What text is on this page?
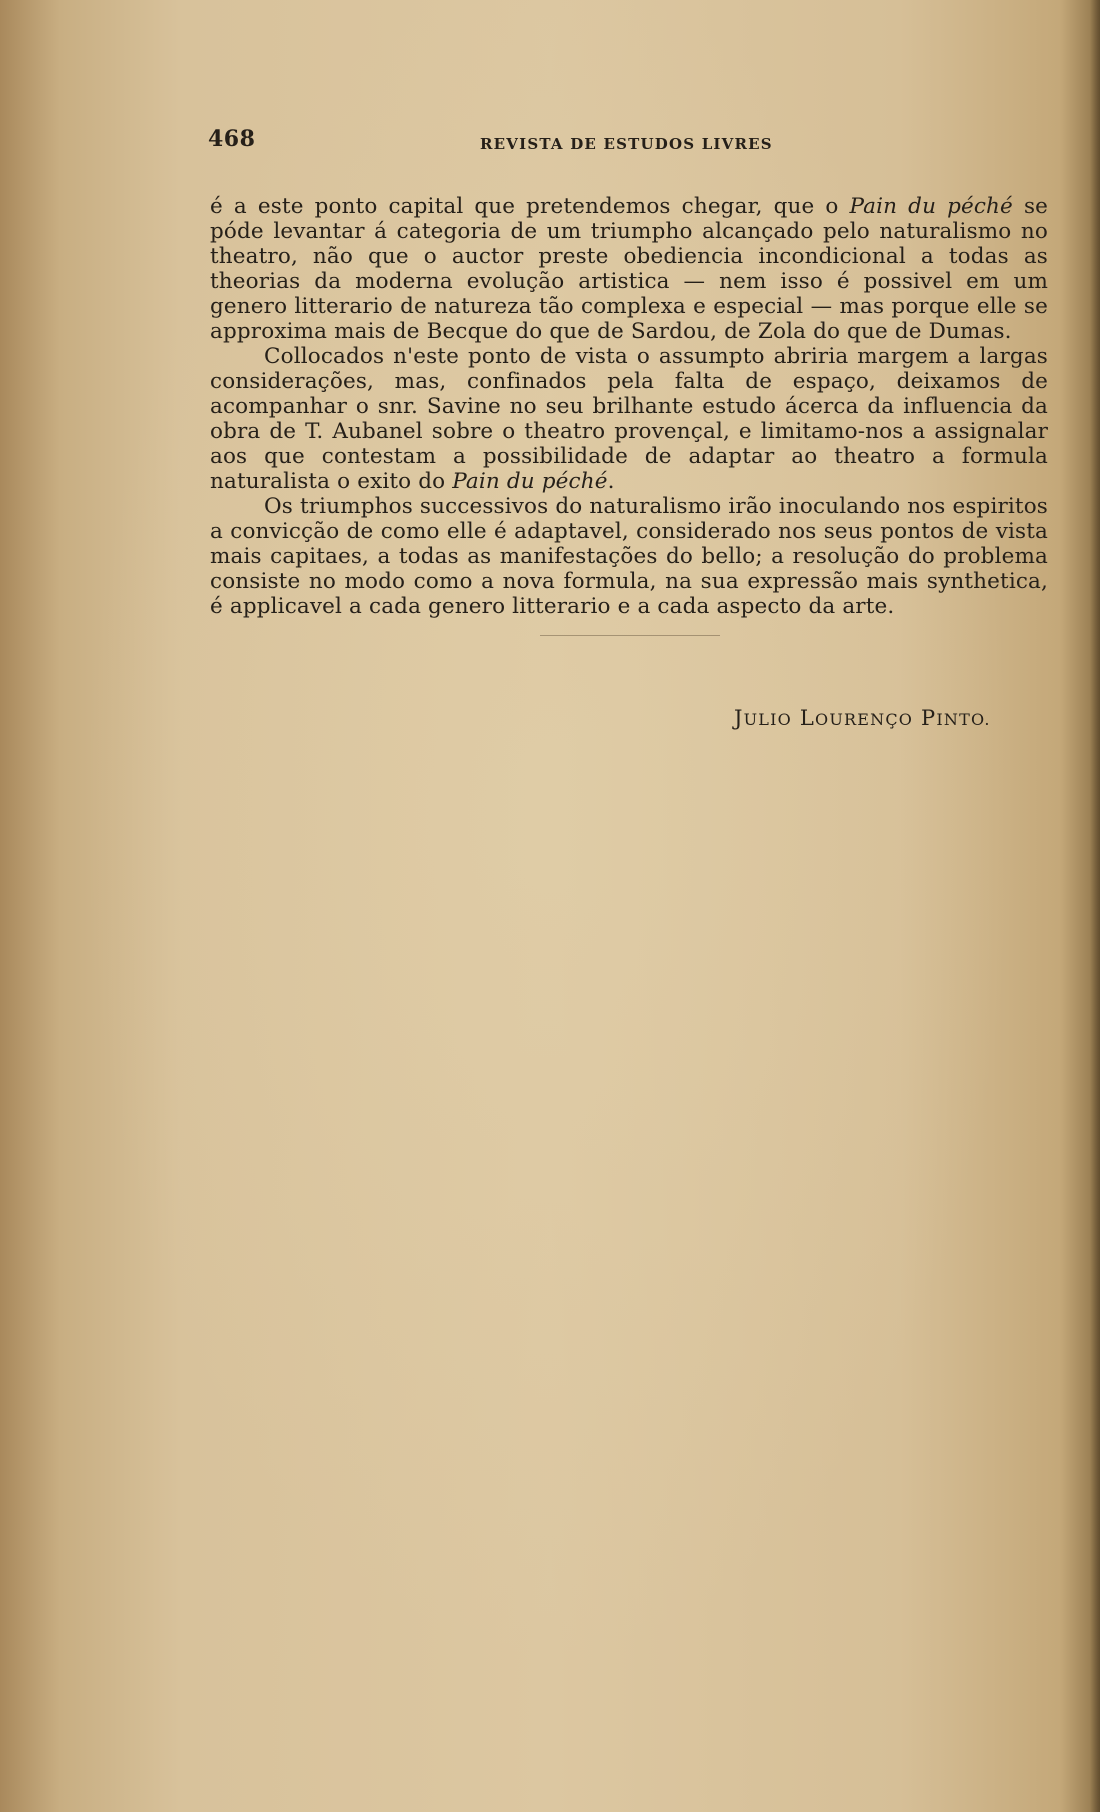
468	REVISTA DE ESTUDOS LIVRES

é a este ponto capital que pretendemos chegar, que o Pain du péché se póde levantar á categoria de um triumpho alcançado pelo naturalismo no theatro, não que o auctor preste obediencia incondicional a todas as theorias da moderna evolução artistica — nem isso é possivel em um genero litterario de natureza tão complexa e especial — mas porque elle se approxima mais de Becque do que de Sardou, de Zola do que de Dumas.

Collocados n'este ponto de vista o assumpto abriria margem a largas considerações, mas, confinados pela falta de espaço, deixamos de acompanhar o snr. Savine no seu brilhante estudo ácerca da influencia da obra de T. Aubanel sobre o theatro provençal, e limitamo-nos a assignalar aos que contestam a possibilidade de adaptar ao theatro a formula naturalista o exito do Pain du péché.

Os triumphos successivos do naturalismo irão inoculando nos espiritos a convicção de como elle é adaptavel, considerado nos seus pontos de vista mais capitaes, a todas as manifestações do bello; a resolução do problema consiste no modo como a nova formula, na sua expressão mais synthetica, é applicavel a cada genero litterario e a cada aspecto da arte.

JULIO LOURENÇO PINTO.
